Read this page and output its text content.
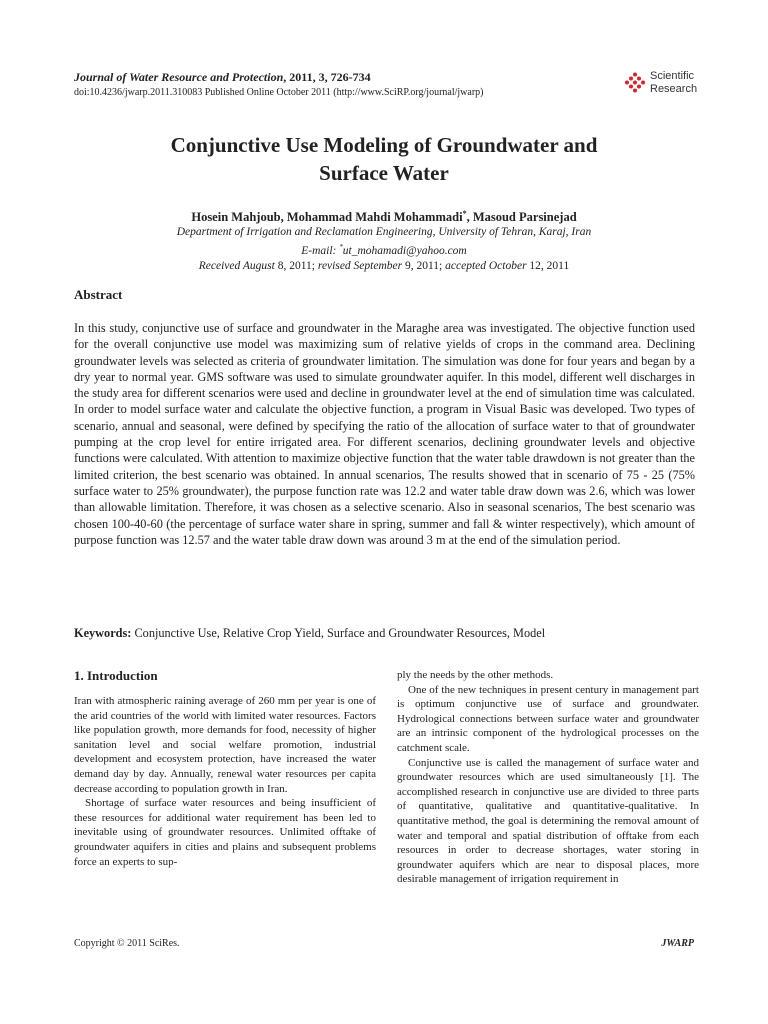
Journal of Water Resource and Protection, 2011, 3, 726-734
doi:10.4236/jwarp.2011.310083 Published Online October 2011 (http://www.SciRP.org/journal/jwarp)
Scientific
Research
Conjunctive Use Modeling of Groundwater and
Surface Water
Hosein Mahjoub, Mohammad Mahdi Mohammadi*, Masoud Parsinejad
Department of Irrigation and Reclamation Engineering, University of Tehran, Karaj, Iran
E-mail: *ut_mohamadi@yahoo.com
Received August 8, 2011; revised September 9, 2011; accepted October 12, 2011
Abstract
In this study, conjunctive use of surface and groundwater in the Maraghe area was investigated. The objective function used for the overall conjunctive use model was maximizing sum of relative yields of crops in the command area. Declining groundwater levels was selected as criteria of groundwater limitation. The simulation was done for four years and began by a dry year to normal year. GMS software was used to simulate groundwater aquifer. In this model, different well discharges in the study area for different scenarios were used and decline in groundwater level at the end of simulation time was calculated. In order to model surface water and calculate the objective function, a program in Visual Basic was developed. Two types of scenario, annual and seasonal, were defined by specifying the ratio of the allocation of surface water to that of groundwater pumping at the crop level for entire irrigated area. For different scenarios, declining groundwater levels and objective functions were calculated. With attention to maximize objective function that the water table drawdown is not greater than the limited criterion, the best scenario was obtained. In annual scenarios, The results showed that in scenario of 75 - 25 (75% surface water to 25% groundwater), the purpose function rate was 12.2 and water table draw down was 2.6, which was lower than allowable limitation. Therefore, it was chosen as a selective scenario. Also in seasonal scenarios, The best scenario was chosen 100-40-60 (the percentage of surface water share in spring, summer and fall & winter respectively), which amount of purpose function was 12.57 and the water table draw down was around 3 m at the end of the simulation period.
Keywords: Conjunctive Use, Relative Crop Yield, Surface and Groundwater Resources, Model

1. Introduction

Iran with atmospheric raining average of 260 mm per year is one of the arid countries of the world with limited water resources. Factors like population growth, more demands for food, necessity of higher sanitation level and social welfare promotion, industrial development and ecosystem protection, have increased the water demand day by day. Annually, renewal water resources per capita decrease according to population growth in Iran.

Shortage of surface water resources and being insufficient of these resources for additional water requirement has been led to inevitable using of groundwater resources. Unlimited offtake of groundwater aquifers in cities and plains and subsequent problems force an experts to sup-

ply the needs by the other methods.

One of the new techniques in present century in management part is optimum conjunctive use of surface and groundwater. Hydrological connections between surface water and groundwater are an intrinsic component of the hydrological processes on the catchment scale.

Conjunctive use is called the management of surface water and groundwater resources which are used simultaneously [1]. The accomplished research in conjunctive use are divided to three parts of quantitative, qualitative and quantitative-qualitative. In quantitative method, the goal is determining the removal amount of water and temporal and spatial distribution of offtake from each resources in order to decrease shortages, water storing in groundwater aquifers which are near to disposal places, more desirable management of irrigation requirement in

Copyright © 2011 SciRes.	JWARP
